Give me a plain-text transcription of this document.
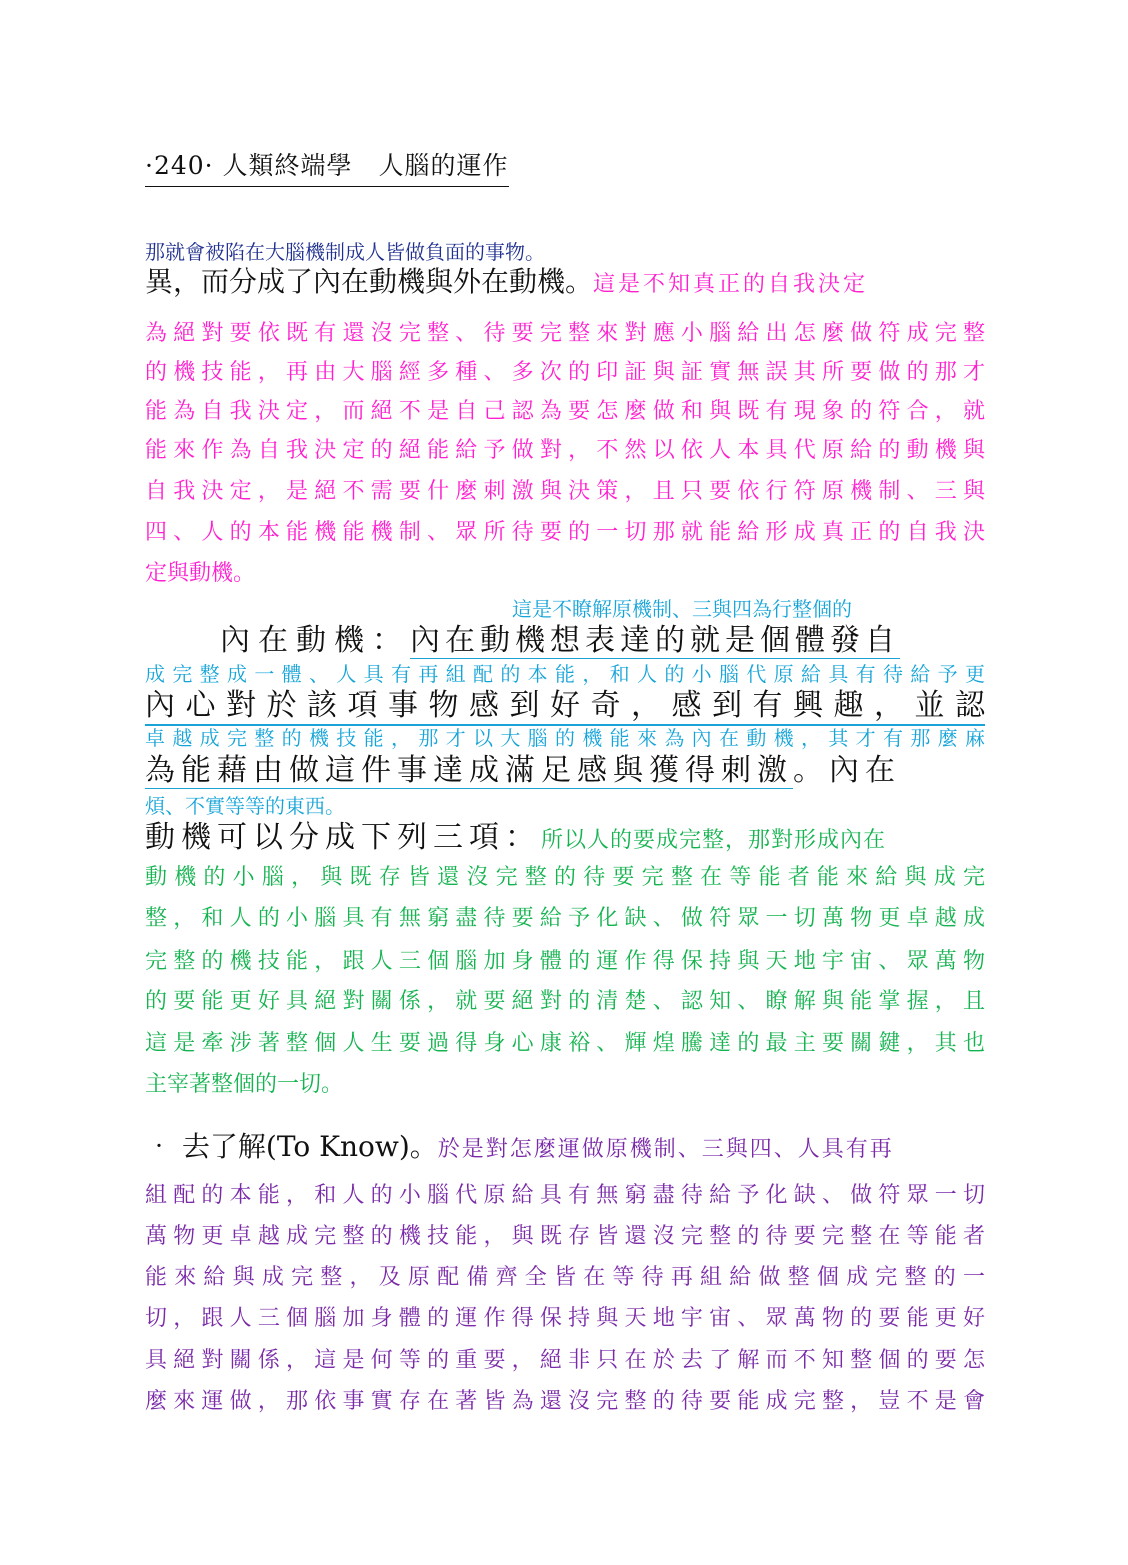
·240· 人類終端學　人腦的運作
那就會被陷在大腦機制成人皆做負面的事物。
異，而分成了內在動機與外在動機。這是不知真正的自我決定
為絕對要依既有還沒完整、待要完整來對應小腦給出怎麼做符成完整
的機技能，再由大腦經多種、多次的印証與証實無誤其所要做的那才
能為自我決定，而絕不是自己認為要怎麼做和與既有現象的符合，就
能來作為自我決定的絕能給予做對，不然以依人本具代原給的動機與
自我決定，是絕不需要什麼刺激與決策，且只要依行符原機制、三與
四、人的本能機能機制、眾所待要的一切那就能給形成真正的自我決
定與動機。
這是不瞭解原機制、三與四為行整個的
內在動機：內在動機想表達的就是個體發自
成完整成一體、人具有再組配的本能，和人的小腦代原給具有待給予更
內心對於該項事物感到好奇，感到有興趣，並認
卓越成完整的機技能，那才以大腦的機能來為內在動機，其才有那麼麻
為能藉由做這件事達成滿足感與獲得刺激。內在
煩、不實等等的東西。
動機可以分成下列三項：所以人的要成完整，那對形成內在
動機的小腦，與既存皆還沒完整的待要完整在等能者能來給與成完
整，和人的小腦具有無窮盡待要給予化缺、做符眾一切萬物更卓越成
完整的機技能，跟人三個腦加身體的運作得保持與天地宇宙、眾萬物
的要能更好具絕對關係，就要絕對的清楚、認知、瞭解與能掌握，且
這是牽涉著整個人生要過得身心康裕、輝煌騰達的最主要關鍵，其也
主宰著整個的一切。
‧ 去了解(To Know)。於是對怎麼運做原機制、三與四、人具有再
組配的本能，和人的小腦代原給具有無窮盡待給予化缺、做符眾一切
萬物更卓越成完整的機技能，與既存皆還沒完整的待要完整在等能者
能來給與成完整，及原配備齊全皆在等待再組給做整個成完整的一
切，跟人三個腦加身體的運作得保持與天地宇宙、眾萬物的要能更好
具絕對關係，這是何等的重要，絕非只在於去了解而不知整個的要怎
麼來運做，那依事實存在著皆為還沒完整的待要能成完整，豈不是會
